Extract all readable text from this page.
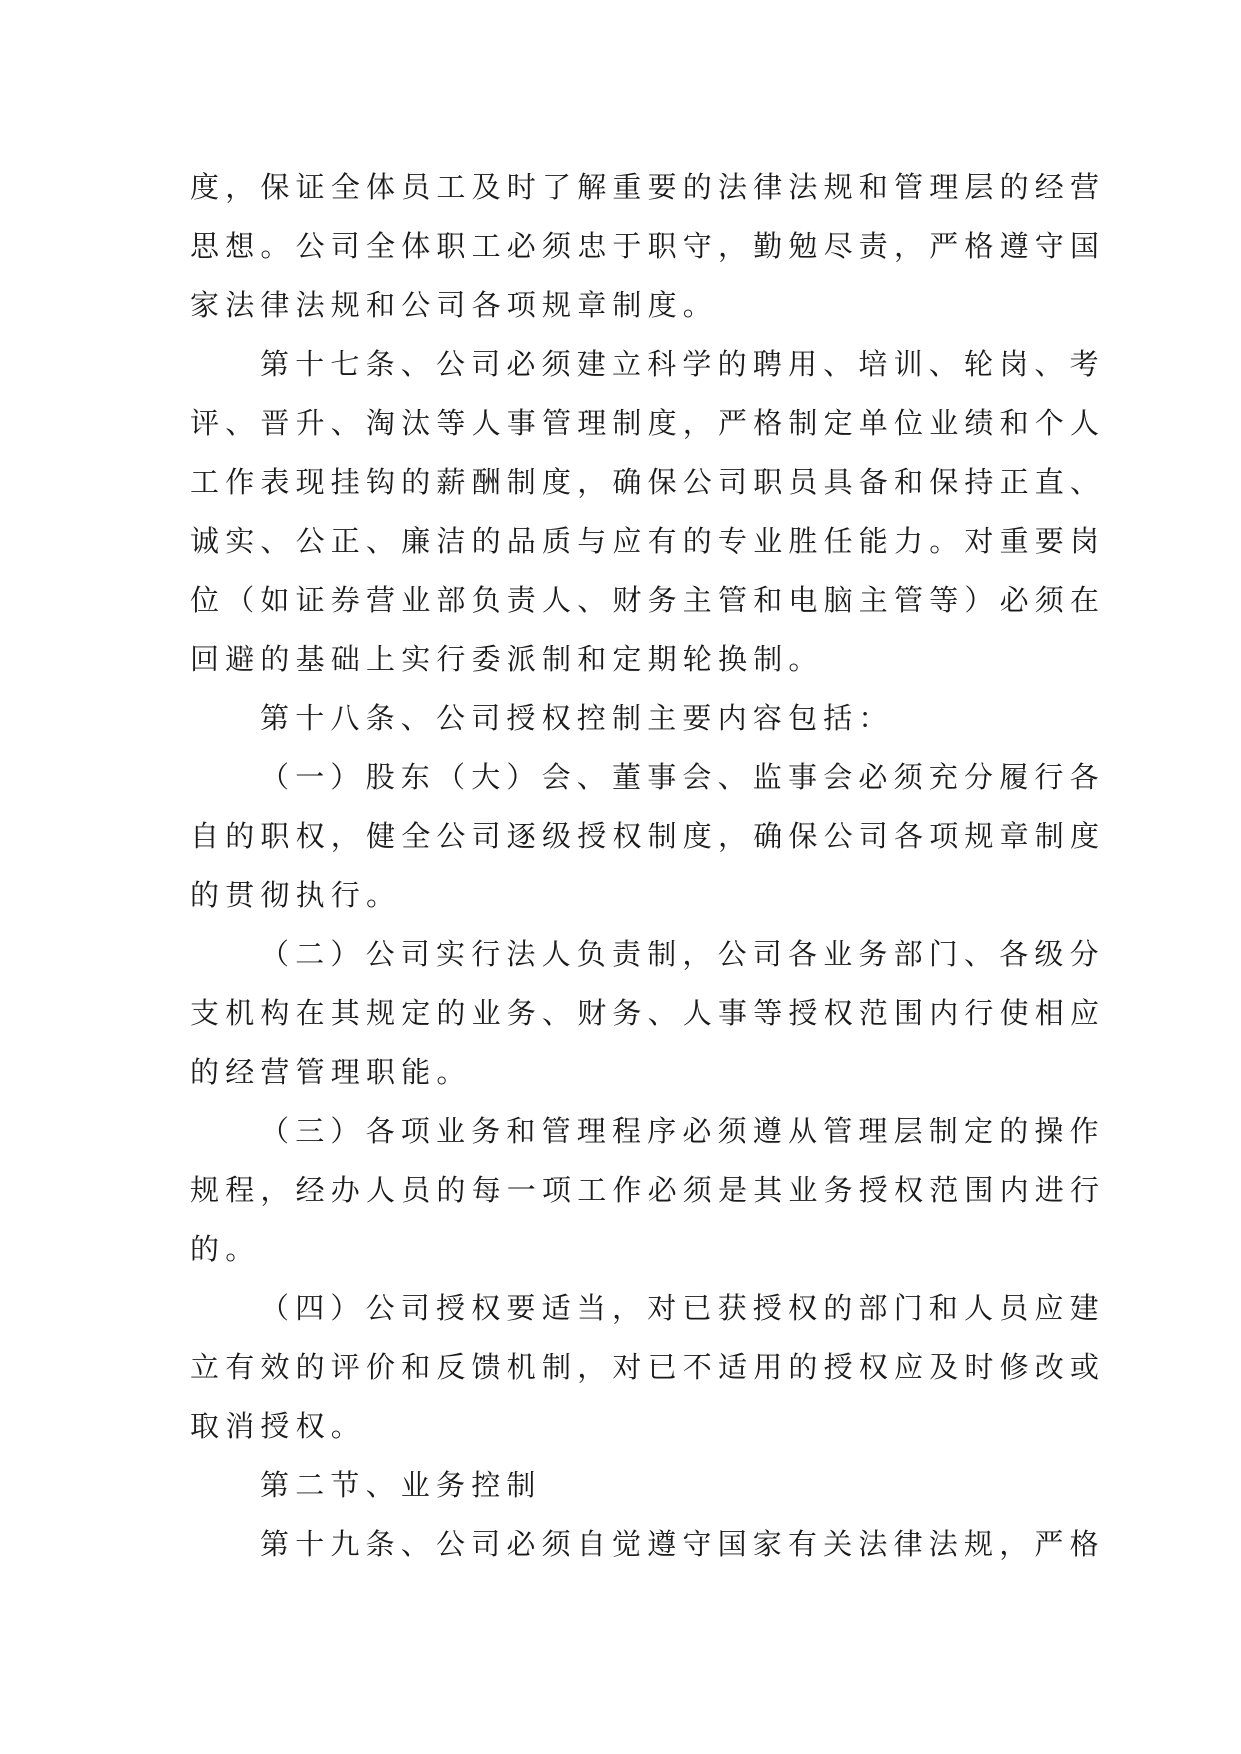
度，保证全体员工及时了解重要的法律法规和管理层的经营
思想。公司全体职工必须忠于职守，勤勉尽责，严格遵守国
家法律法规和公司各项规章制度。
第十七条、公司必须建立科学的聘用、培训、轮岗、考
评、晋升、淘汰等人事管理制度，严格制定单位业绩和个人
工作表现挂钩的薪酬制度，确保公司职员具备和保持正直、
诚实、公正、廉洁的品质与应有的专业胜任能力。对重要岗
位（如证券营业部负责人、财务主管和电脑主管等）必须在
回避的基础上实行委派制和定期轮换制。
第十八条、公司授权控制主要内容包括：
（一）股东（大）会、董事会、监事会必须充分履行各
自的职权，健全公司逐级授权制度，确保公司各项规章制度
的贯彻执行。
（二）公司实行法人负责制，公司各业务部门、各级分
支机构在其规定的业务、财务、人事等授权范围内行使相应
的经营管理职能。
（三）各项业务和管理程序必须遵从管理层制定的操作
规程，经办人员的每一项工作必须是其业务授权范围内进行
的。
（四）公司授权要适当，对已获授权的部门和人员应建
立有效的评价和反馈机制，对已不适用的授权应及时修改或
取消授权。
第二节、业务控制
第十九条、公司必须自觉遵守国家有关法律法规，严格
